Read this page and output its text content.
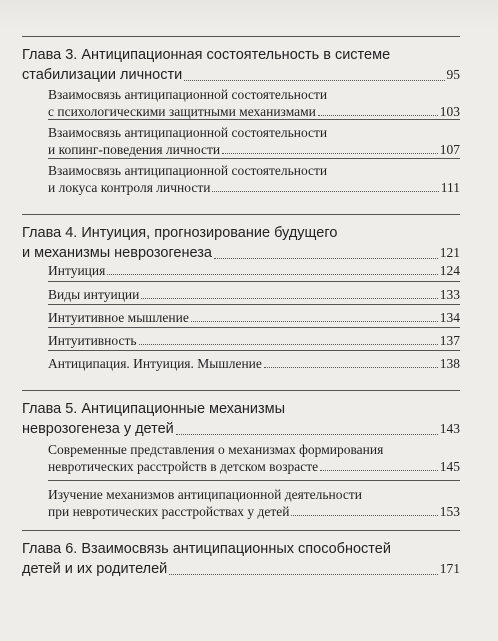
Глава 3. Антиципационная состоятельность в системе
стабилизации личности	95
Взаимосвязь антиципационной состоятельности
с психологическими защитными механизмами	103
Взаимосвязь антиципационной состоятельности
и копинг-поведения личности	107
Взаимосвязь антиципационной состоятельности
и локуса контроля личности	111
Глава 4. Интуиция, прогнозирование будущего
и механизмы неврозогенеза	121
Интуиция	124
Виды интуиции	133
Интуитивное мышление	134
Интуитивность	137
Антиципация. Интуиция. Мышление	138
Глава 5. Антиципационные механизмы
неврозогенеза у детей	143
Современные представления о механизмах формирования
невротических расстройств в детском возрасте	145
Изучение механизмов антиципационной деятельности
при невротических расстройствах у детей	153
Глава 6. Взаимосвязь антиципационных способностей
детей и их родителей	171
